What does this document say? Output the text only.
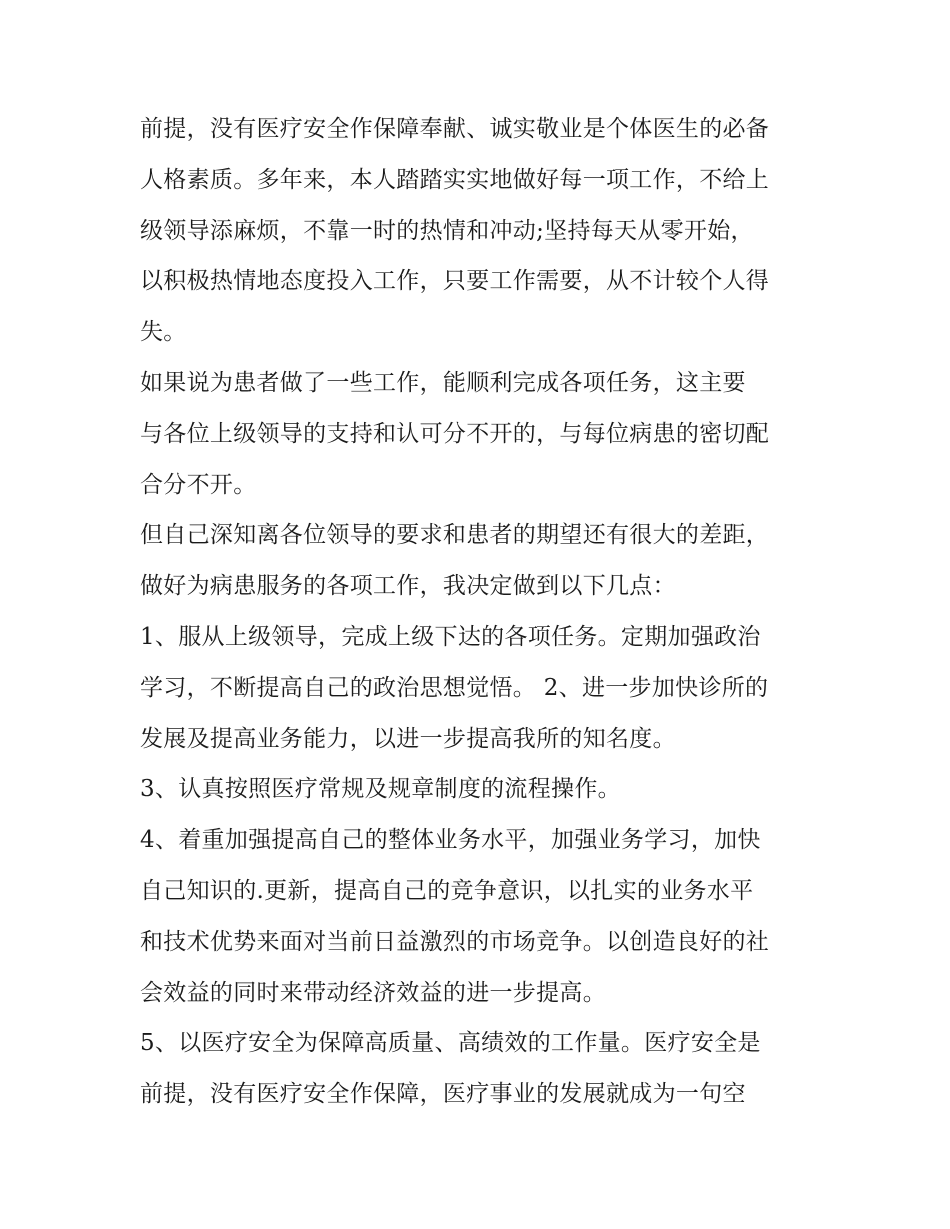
前提，没有医疗安全作保障奉献、诚实敬业是个体医生的必备
人格素质。多年来，本人踏踏实实地做好每一项工作，不给上
级领导添麻烦，不靠一时的热情和冲动;坚持每天从零开始，
以积极热情地态度投入工作，只要工作需要，从不计较个人得
失。
如果说为患者做了一些工作，能顺利完成各项任务，这主要
与各位上级领导的支持和认可分不开的，与每位病患的密切配
合分不开。
但自己深知离各位领导的要求和患者的期望还有很大的差距，
做好为病患服务的各项工作，我决定做到以下几点：
1、服从上级领导，完成上级下达的各项任务。定期加强政治
学习，不断提高自己的政治思想觉悟。 2、进一步加快诊所的
发展及提高业务能力，以进一步提高我所的知名度。
3、认真按照医疗常规及规章制度的流程操作。
4、着重加强提高自己的整体业务水平，加强业务学习，加快
自己知识的.更新，提高自己的竞争意识，以扎实的业务水平
和技术优势来面对当前日益激烈的市场竞争。以创造良好的社
会效益的同时来带动经济效益的进一步提高。
5、以医疗安全为保障高质量、高绩效的工作量。医疗安全是
前提，没有医疗安全作保障，医疗事业的发展就成为一句空
